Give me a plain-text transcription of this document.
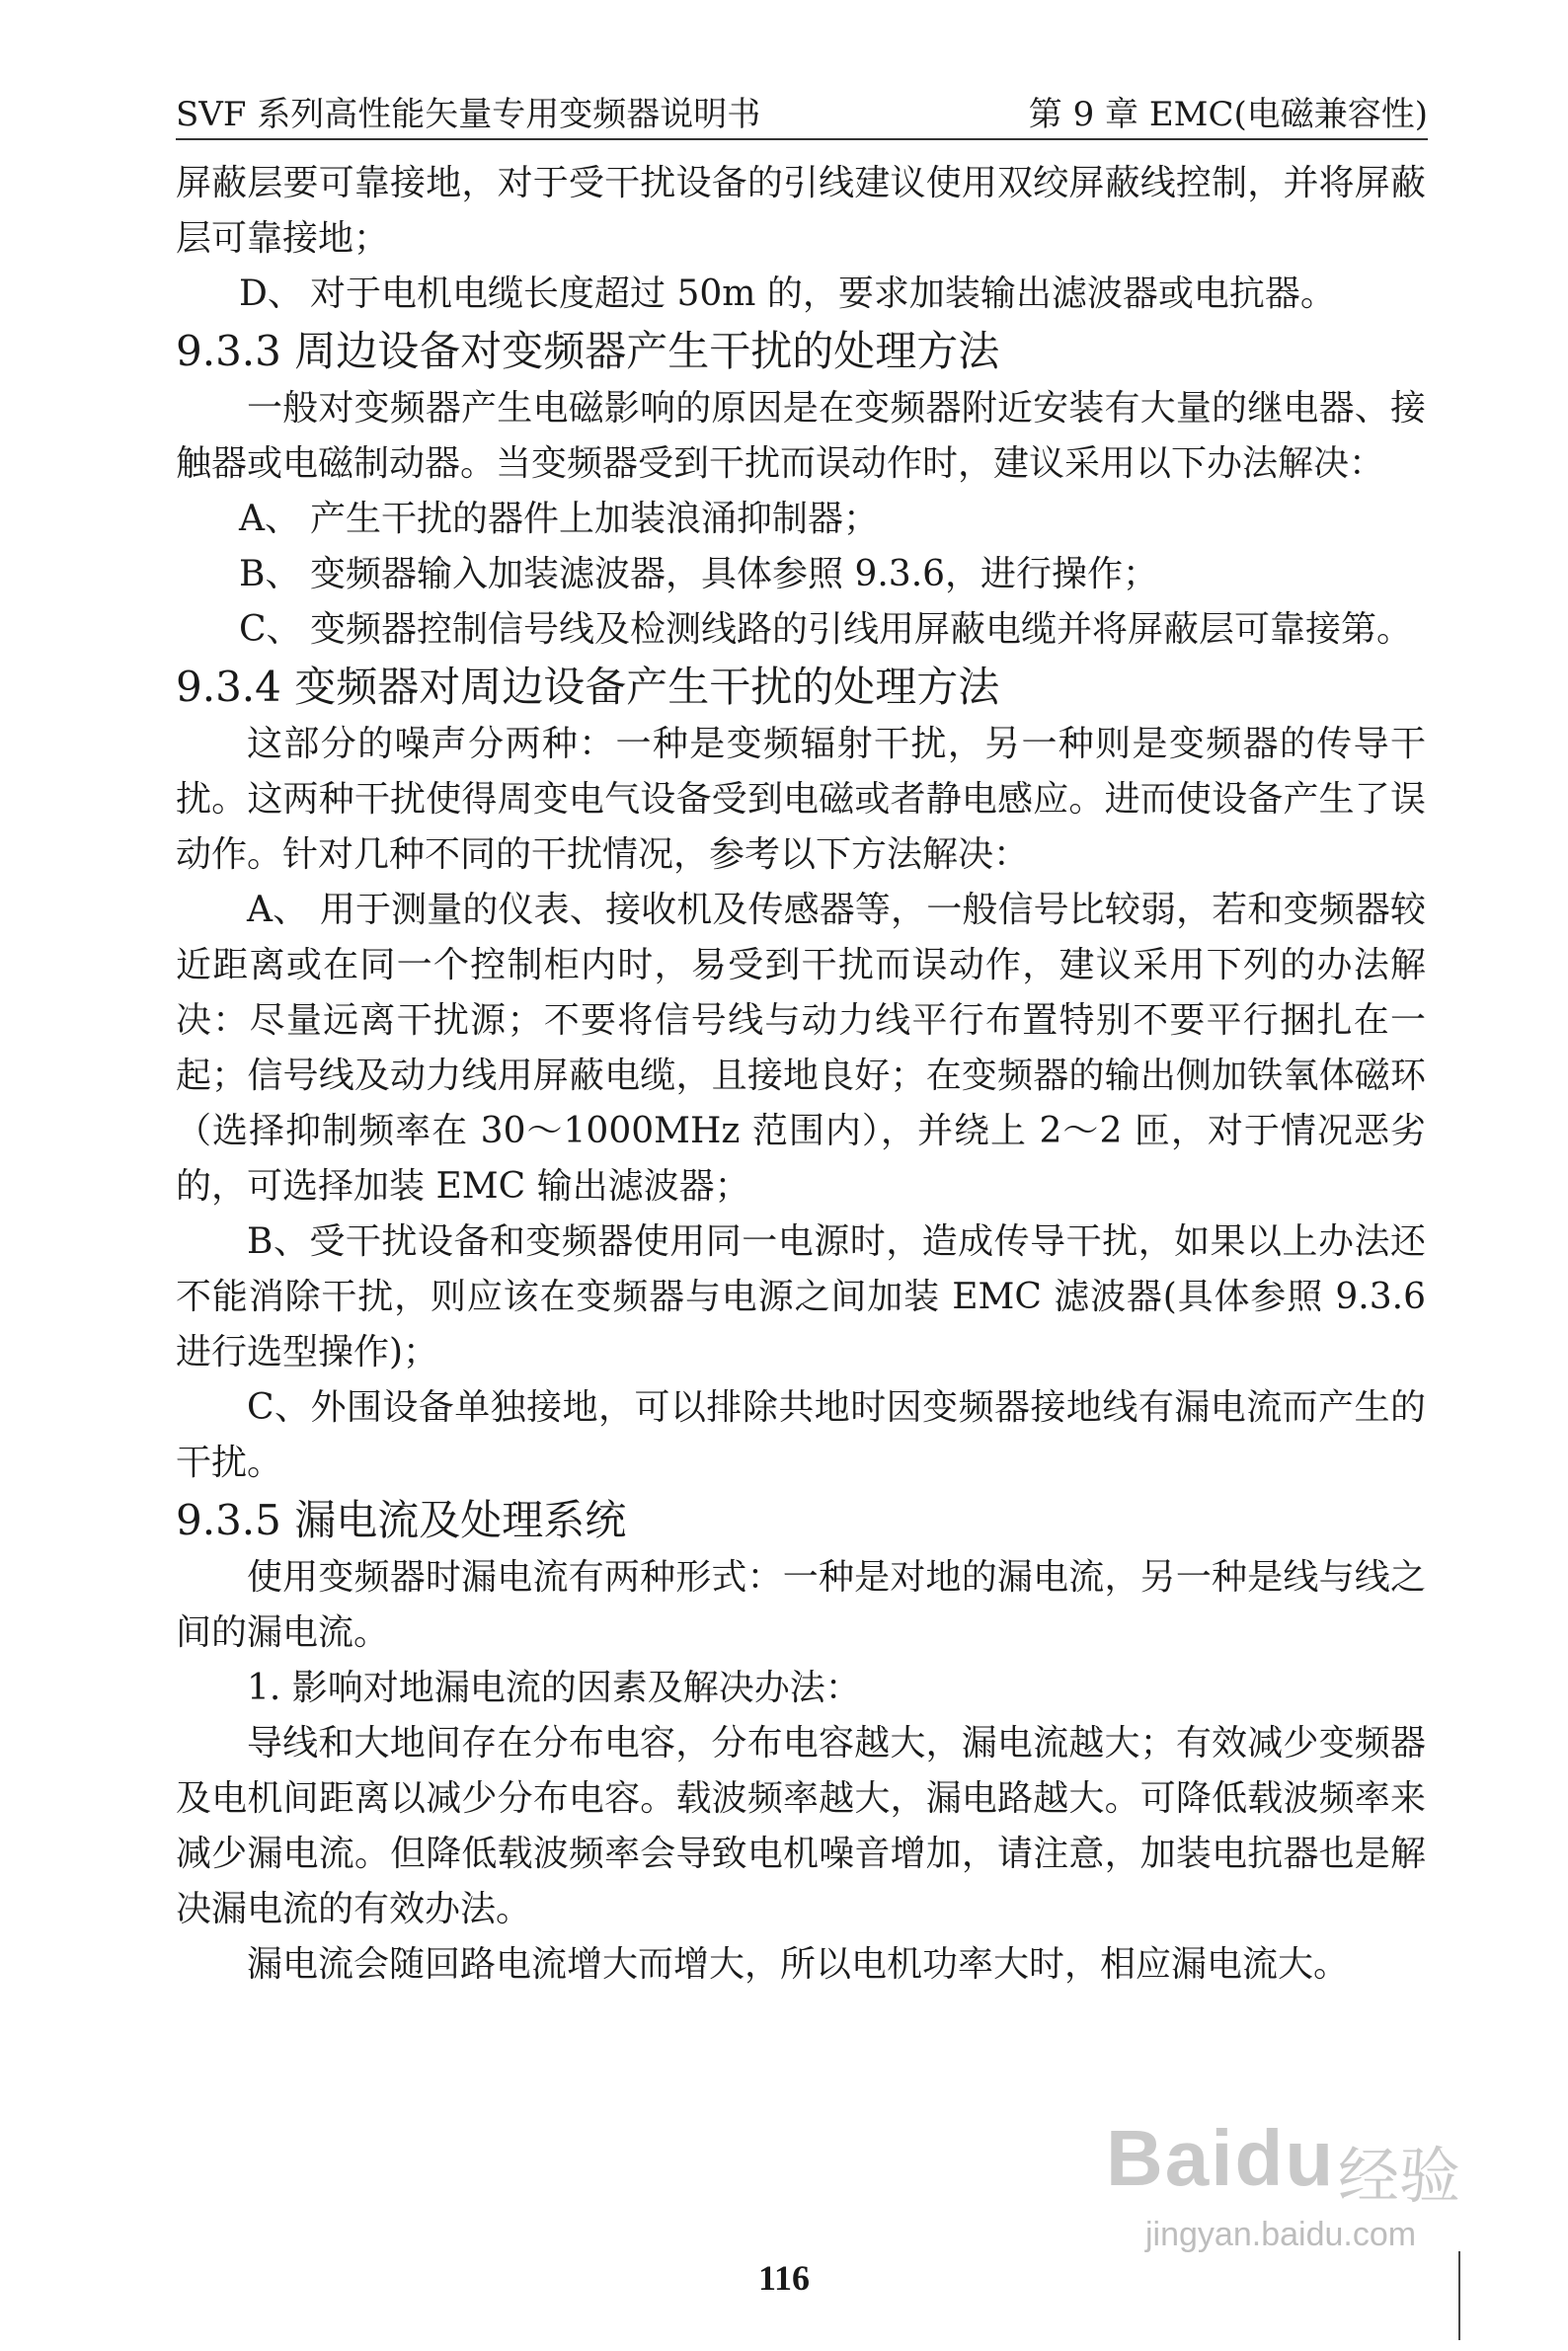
SVF 系列高性能矢量专用变频器说明书	第 9 章 EMC(电磁兼容性)

屏蔽层要可靠接地，对于受干扰设备的引线建议使用双绞屏蔽线控制，并将屏蔽层可靠接地；

D、 对于电机电缆长度超过 50m 的，要求加装输出滤波器或电抗器。

9.3.3 周边设备对变频器产生干扰的处理方法

一般对变频器产生电磁影响的原因是在变频器附近安装有大量的继电器、接触器或电磁制动器。当变频器受到干扰而误动作时，建议采用以下办法解决：

A、 产生干扰的器件上加装浪涌抑制器；

B、 变频器输入加装滤波器，具体参照 9.3.6，进行操作；

C、 变频器控制信号线及检测线路的引线用屏蔽电缆并将屏蔽层可靠接第。

9.3.4 变频器对周边设备产生干扰的处理方法

这部分的噪声分两种：一种是变频辐射干扰，另一种则是变频器的传导干扰。这两种干扰使得周变电气设备受到电磁或者静电感应。进而使设备产生了误动作。针对几种不同的干扰情况，参考以下方法解决：

A、 用于测量的仪表、接收机及传感器等，一般信号比较弱，若和变频器较近距离或在同一个控制柜内时，易受到干扰而误动作，建议采用下列的办法解决：尽量远离干扰源；不要将信号线与动力线平行布置特别不要平行捆扎在一起；信号线及动力线用屏蔽电缆，且接地良好；在变频器的输出侧加铁氧体磁环（选择抑制频率在 30～1000MHz 范围内），并绕上 2～2 匝，对于情况恶劣的，可选择加装 EMC 输出滤波器；

B、受干扰设备和变频器使用同一电源时，造成传导干扰，如果以上办法还不能消除干扰，则应该在变频器与电源之间加装 EMC 滤波器(具体参照 9.3.6 进行选型操作)；

C、外围设备单独接地，可以排除共地时因变频器接地线有漏电流而产生的干扰。

9.3.5 漏电流及处理系统

使用变频器时漏电流有两种形式：一种是对地的漏电流，另一种是线与线之间的漏电流。

1. 影响对地漏电流的因素及解决办法：

导线和大地间存在分布电容，分布电容越大，漏电流越大；有效减少变频器及电机间距离以减少分布电容。载波频率越大，漏电路越大。可降低载波频率来减少漏电流。但降低载波频率会导致电机噪音增加，请注意，加装电抗器也是解决漏电流的有效办法。

漏电流会随回路电流增大而增大，所以电机功率大时，相应漏电流大。

116
Baidu 经验
jingyan.baidu.com
